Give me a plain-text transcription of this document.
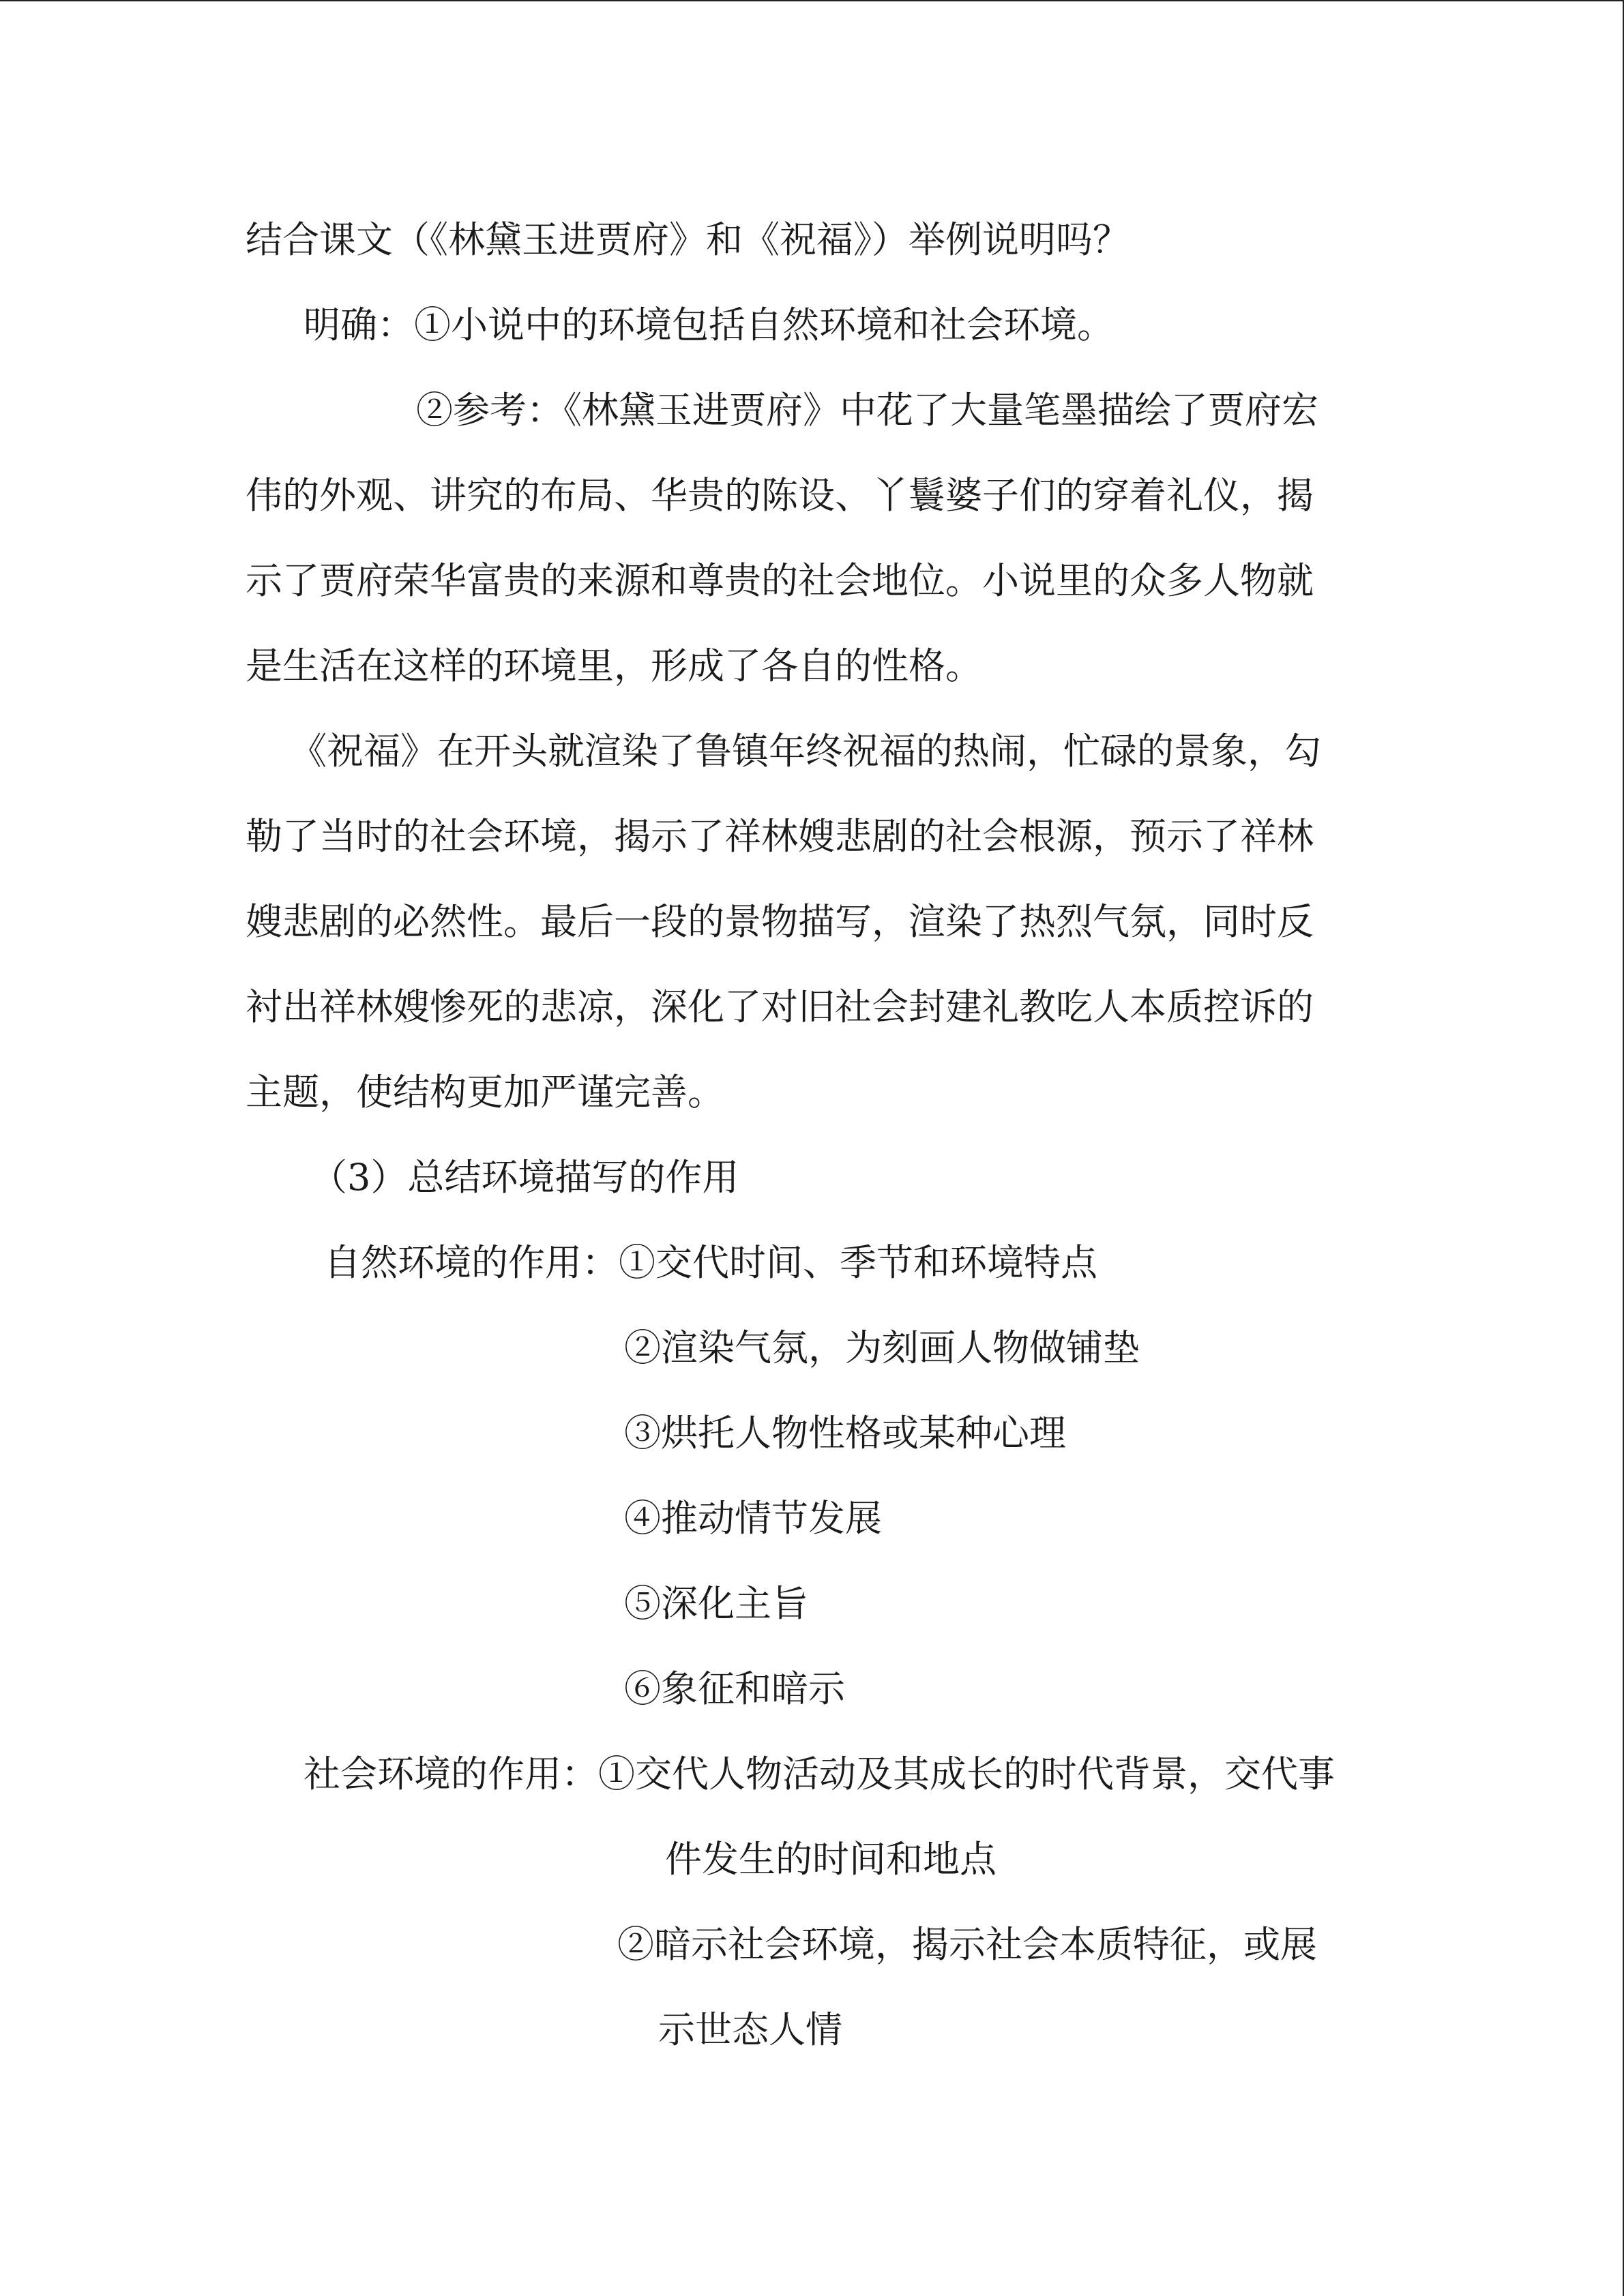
结合课文（《林黛玉进贾府》和《祝福》）举例说明吗？
明确：①小说中的环境包括自然环境和社会环境。
②参考：《林黛玉进贾府》中花了大量笔墨描绘了贾府宏
伟的外观、讲究的布局、华贵的陈设、丫鬟婆子们的穿着礼仪，揭
示了贾府荣华富贵的来源和尊贵的社会地位。小说里的众多人物就
是生活在这样的环境里，形成了各自的性格。
《祝福》在开头就渲染了鲁镇年终祝福的热闹，忙碌的景象，勾
勒了当时的社会环境，揭示了祥林嫂悲剧的社会根源，预示了祥林
嫂悲剧的必然性。最后一段的景物描写，渲染了热烈气氛，同时反
衬出祥林嫂惨死的悲凉，深化了对旧社会封建礼教吃人本质控诉的
主题，使结构更加严谨完善。
（3）总结环境描写的作用
自然环境的作用：①交代时间、季节和环境特点
②渲染气氛，为刻画人物做铺垫
③烘托人物性格或某种心理
④推动情节发展
⑤深化主旨
⑥象征和暗示
社会环境的作用：①交代人物活动及其成长的时代背景，交代事
件发生的时间和地点
②暗示社会环境，揭示社会本质特征，或展
示世态人情
